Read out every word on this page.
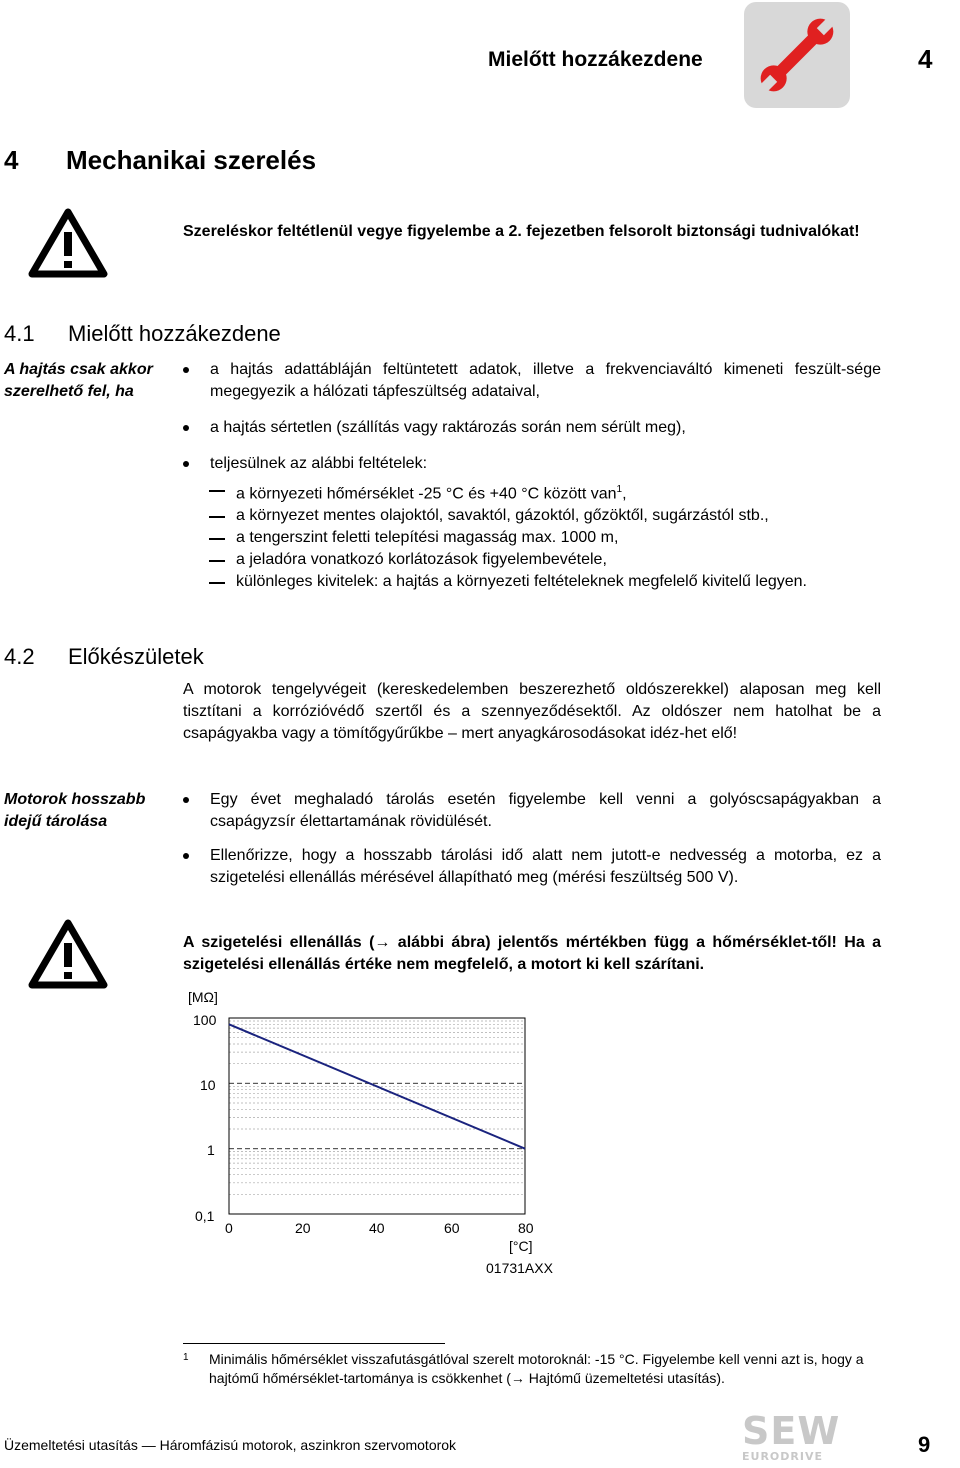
Mielőtt hozzákezdene	4
4 Mechanikai szerelés
Szereléskor feltétlenül vegye figyelembe a 2. fejezetben felsorolt biztonsági tudnivalókat!
4.1 Mielőtt hozzákezdene
A hajtás csak akkor szerelhető fel, ha
a hajtás adattábláján feltüntetett adatok, illetve a frekvenciaváltó kimeneti feszült-sége megegyezik a hálózati tápfeszültség adataival,
a hajtás sértetlen (szállítás vagy raktározás során nem sérült meg),
teljesülnek az alábbi feltételek:
a környezeti hőmérséklet -25 °C és +40 °C között van$^1$,
a környezet mentes olajoktól, savaktól, gázoktól, gőzöktől, sugárzástól stb.,
a tengerszint feletti telepítési magasság max. 1000 m,
a jeladóra vonatkozó korlátozások figyelembevétele,
különleges kivitelek: a hajtás a környezeti feltételeknek megfelelő kivitelű legyen.
4.2 Előkészületek
A motorok tengelyvégeit (kereskedelemben beszerezhető oldószerekkel) alaposan meg kell tisztítani a korrózióvédő szertől és a szennyeződésektől. Az oldószer nem hatolhat be a csapágyakba vagy a tömítőgyűrűkbe – mert anyagkárosodásokat idéz-het elő!
Motorok hosszabb idejű tárolása
Egy évet meghaladó tárolás esetén figyelembe kell venni a golyóscsapágyakban a csapágyzsír élettartamának rövidülését.
Ellenőrizze, hogy a hosszabb tárolási idő alatt nem jutott-e nedvesség a motorba, ez a szigetelési ellenállás mérésével állapítható meg (mérési feszültség 500 V).
A szigetelési ellenállás (→ alábbi ábra) jelentős mértékben függ a hőmérséklet-től! Ha a szigetelési ellenállás értéke nem megfelelő, a motort ki kell szárítani.
[MΩ]
100
10
1
0,1
0	20	40	60	80
[°C]
01731AXX
1 Minimális hőmérséklet visszafutásgátlóval szerelt motoroknál: -15 °C. Figyelembe kell venni azt is, hogy a hajtómű hőmérséklet-tartománya is csökkenhet (→ Hajtómű üzemeltetési utasítás).
Üzemeltetési utasítás — Háromfázisú motorok, aszinkron szervomotorok	SEW
EURODRIVE	9
